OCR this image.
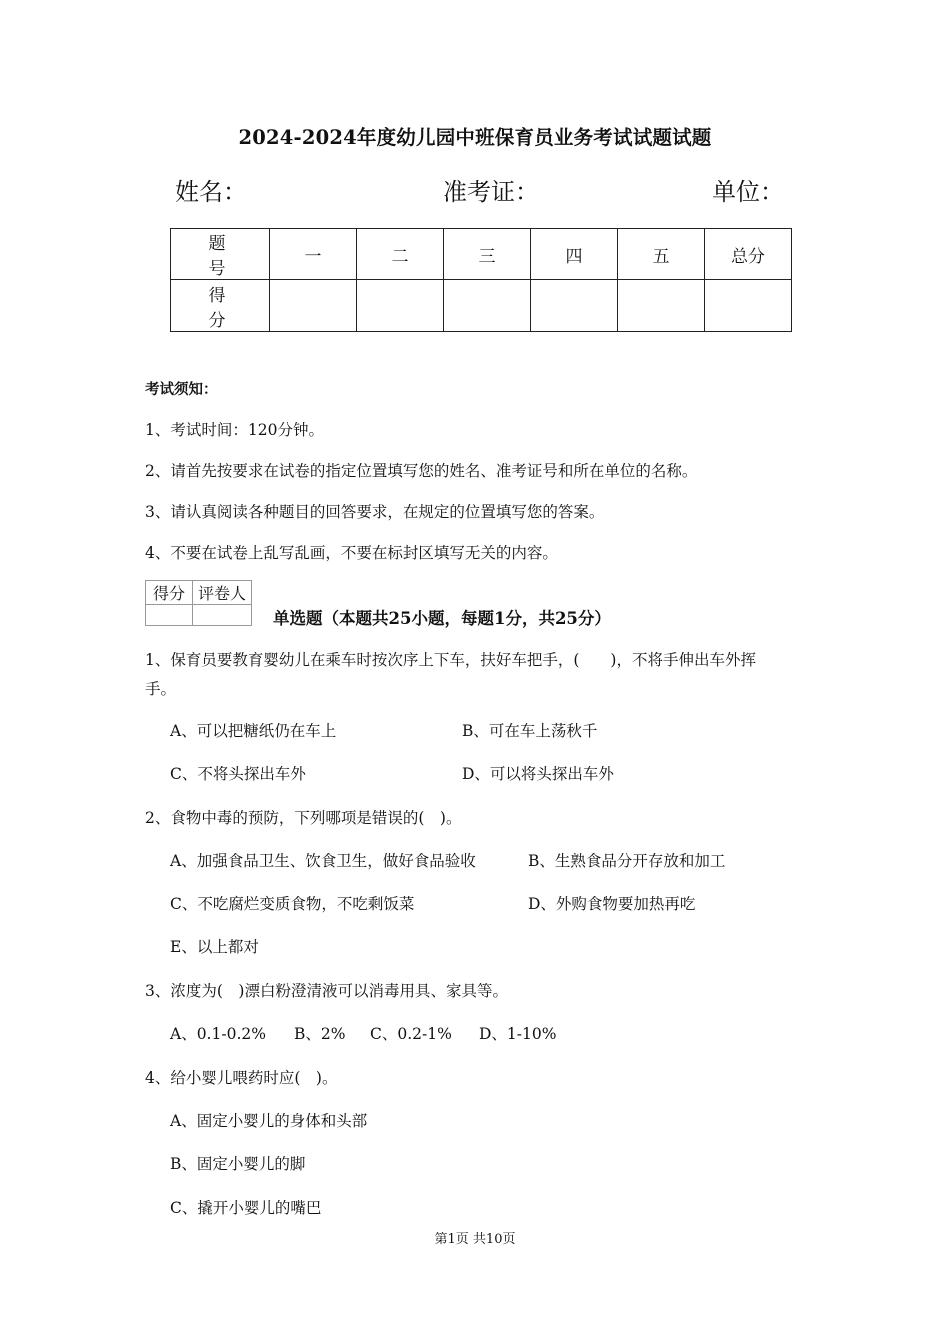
2024-2024年度幼儿园中班保育员业务考试试题试题
姓名：	准考证：	单位：
题　号	一	二	三	四	五	总分
得　分						
考试须知：
1、考试时间：120分钟。
2、请首先按要求在试卷的指定位置填写您的姓名、准考证号和所在单位的名称。
3、请认真阅读各种题目的回答要求，在规定的位置填写您的答案。
4、不要在试卷上乱写乱画，不要在标封区填写无关的内容。
得分	评卷人

单选题（本题共25小题，每题1分，共25分）
1、保育员要教育婴幼儿在乘车时按次序上下车，扶好车把手，(　　)，不将手伸出车外挥
手。
A、可以把糖纸仍在车上	B、可在车上荡秋千
C、不将头探出车外	D、可以将头探出车外
2、食物中毒的预防，下列哪项是错误的(　)。
A、加强食品卫生、饮食卫生，做好食品验收	B、生熟食品分开存放和加工
C、不吃腐烂变质食物，不吃剩饭菜	D、外购食物要加热再吃
E、以上都对
3、浓度为(　)漂白粉澄清液可以消毒用具、家具等。
A、0.1-0.2% B、2% C、0.2-1% D、1-10%
4、给小婴儿喂药时应(　)。
A、固定小婴儿的身体和头部
B、固定小婴儿的脚
C、撬开小婴儿的嘴巴
第1页 共10页
